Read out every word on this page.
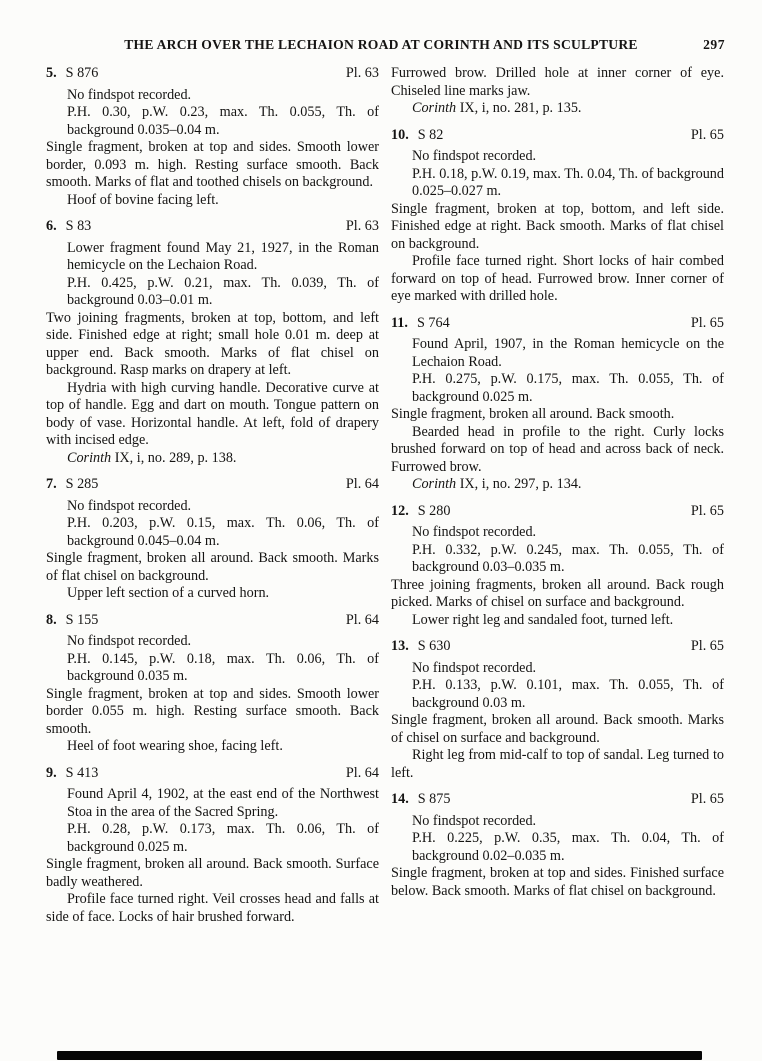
THE ARCH OVER THE LECHAION ROAD AT CORINTH AND ITS SCULPTURE	297
5. S 876	Pl. 63

No findspot recorded.

P.H. 0.30, p.W. 0.23, max. Th. 0.055, Th. of background 0.035–0.04 m.

Single fragment, broken at top and sides. Smooth lower border, 0.093 m. high. Resting surface smooth. Back smooth. Marks of flat and toothed chisels on background.

Hoof of bovine facing left.

6. S 83	Pl. 63

Lower fragment found May 21, 1927, in the Roman hemicycle on the Lechaion Road.

P.H. 0.425, p.W. 0.21, max. Th. 0.039, Th. of background 0.03–0.01 m.

Two joining fragments, broken at top, bottom, and left side. Finished edge at right; small hole 0.01 m. deep at upper end. Back smooth. Marks of flat chisel on background. Rasp marks on drapery at left.

Hydria with high curving handle. Decorative curve at top of handle. Egg and dart on mouth. Tongue pattern on body of vase. Horizontal handle. At left, fold of drapery with incised edge.

Corinth IX, i, no. 289, p. 138.

7. S 285	Pl. 64

No findspot recorded.

P.H. 0.203, p.W. 0.15, max. Th. 0.06, Th. of background 0.045–0.04 m.

Single fragment, broken all around. Back smooth. Marks of flat chisel on background.

Upper left section of a curved horn.

8. S 155	Pl. 64

No findspot recorded.

P.H. 0.145, p.W. 0.18, max. Th. 0.06, Th. of background 0.035 m.

Single fragment, broken at top and sides. Smooth lower border 0.055 m. high. Resting surface smooth. Back smooth.

Heel of foot wearing shoe, facing left.

9. S 413	Pl. 64

Found April 4, 1902, at the east end of the Northwest Stoa in the area of the Sacred Spring.

P.H. 0.28, p.W. 0.173, max. Th. 0.06, Th. of background 0.025 m.

Single fragment, broken all around. Back smooth. Surface badly weathered.

Profile face turned right. Veil crosses head and falls at side of face. Locks of hair brushed forward.

Furrowed brow. Drilled hole at inner corner of eye. Chiseled line marks jaw.

Corinth IX, i, no. 281, p. 135.

10. S 82	Pl. 65

No findspot recorded.

P.H. 0.18, p.W. 0.19, max. Th. 0.04, Th. of background 0.025–0.027 m.

Single fragment, broken at top, bottom, and left side. Finished edge at right. Back smooth. Marks of flat chisel on background.

Profile face turned right. Short locks of hair combed forward on top of head. Furrowed brow. Inner corner of eye marked with drilled hole.

11. S 764	Pl. 65

Found April, 1907, in the Roman hemicycle on the Lechaion Road.

P.H. 0.275, p.W. 0.175, max. Th. 0.055, Th. of background 0.025 m.

Single fragment, broken all around. Back smooth.

Bearded head in profile to the right. Curly locks brushed forward on top of head and across back of neck. Furrowed brow.

Corinth IX, i, no. 297, p. 134.

12. S 280	Pl. 65

No findspot recorded.

P.H. 0.332, p.W. 0.245, max. Th. 0.055, Th. of background 0.03–0.035 m.

Three joining fragments, broken all around. Back rough picked. Marks of chisel on surface and background.

Lower right leg and sandaled foot, turned left.

13. S 630	Pl. 65

No findspot recorded.

P.H. 0.133, p.W. 0.101, max. Th. 0.055, Th. of background 0.03 m.

Single fragment, broken all around. Back smooth. Marks of chisel on surface and background.

Right leg from mid-calf to top of sandal. Leg turned to left.

14. S 875	Pl. 65

No findspot recorded.

P.H. 0.225, p.W. 0.35, max. Th. 0.04, Th. of background 0.02–0.035 m.

Single fragment, broken at top and sides. Finished surface below. Back smooth. Marks of flat chisel on background.
